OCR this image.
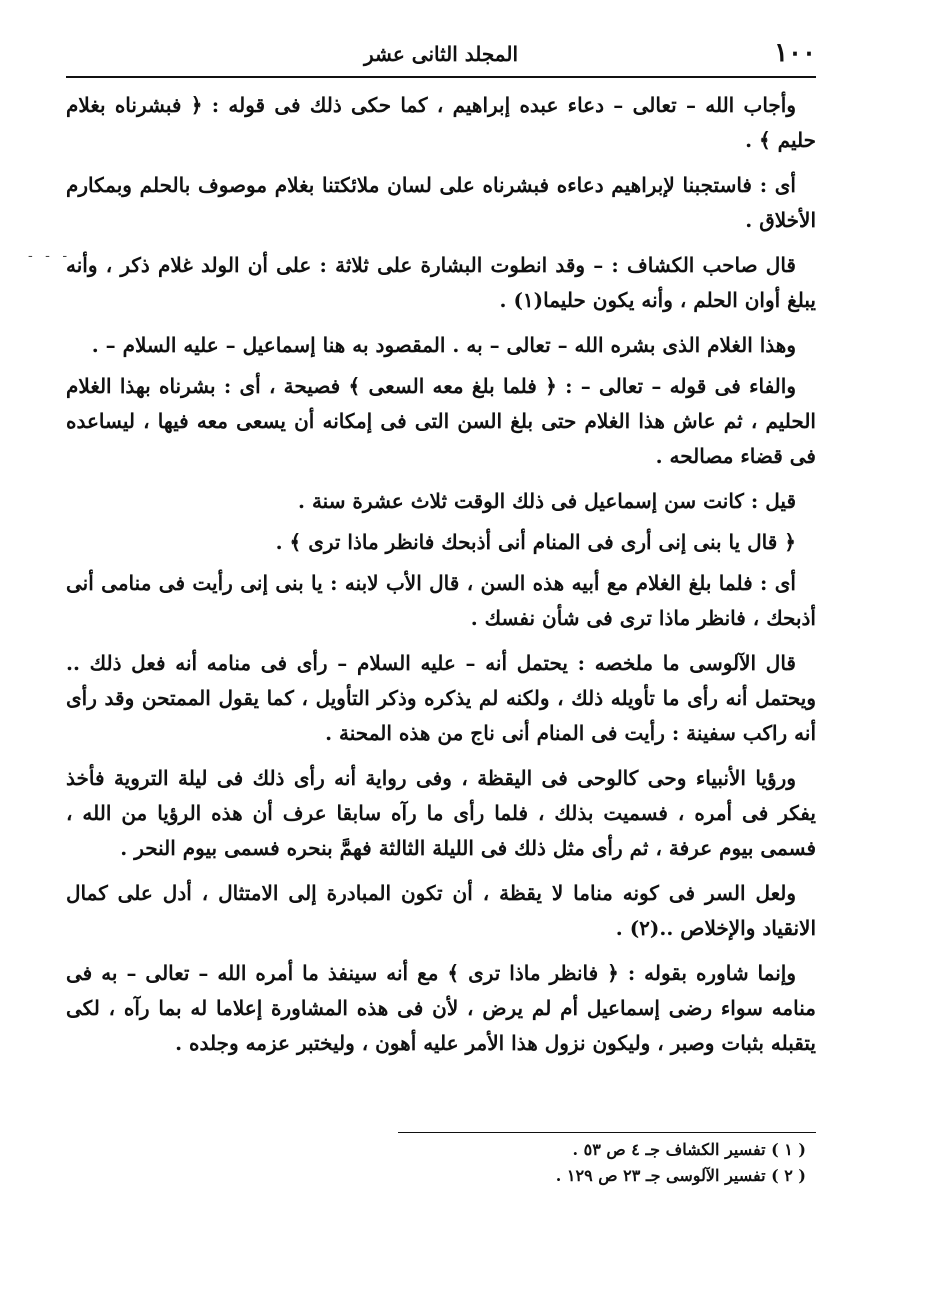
١٠٠
المجلد الثانى عشر
- - -

وأجاب الله – تعالى – دعاء عبده إبراهيم ، كما حكى ذلك فى قوله : ﴿ فبشرناه بغلام حليم ﴾ .

أى : فاستجبنا لإبراهيم دعاءه فبشرناه على لسان ملائكتنا بغلام موصوف بالحلم وبمكارم الأخلاق .

قال صاحب الكشاف : – وقد انطوت البشارة على ثلاثة : على أن الولد غلام ذكر ، وأنه يبلغ أوان الحلم ، وأنه يكون حليما(١) .

وهذا الغلام الذى بشره الله – تعالى – به . المقصود به هنا إسماعيل – عليه السلام – .

والفاء فى قوله – تعالى – : ﴿ فلما بلغ معه السعى ﴾ فصيحة ، أى : بشرناه بهذا الغلام الحليم ، ثم عاش هذا الغلام حتى بلغ السن التى فى إمكانه أن يسعى معه فيها ، ليساعده فى قضاء مصالحه .

قيل : كانت سن إسماعيل فى ذلك الوقت ثلاث عشرة سنة .

﴿ قال يا بنى إنى أرى فى المنام أنى أذبحك فانظر ماذا ترى ﴾ .

أى : فلما بلغ الغلام مع أبيه هذه السن ، قال الأب لابنه : يا بنى إنى رأيت فى منامى أنى أذبحك ، فانظر ماذا ترى فى شأن نفسك .

قال الآلوسى ما ملخصه : يحتمل أنه – عليه السلام – رأى فى منامه أنه فعل ذلك .. ويحتمل أنه رأى ما تأويله ذلك ، ولكنه لم يذكره وذكر التأويل ، كما يقول الممتحن وقد رأى أنه راكب سفينة : رأيت فى المنام أنى ناج من هذه المحنة .

ورؤيا الأنبياء وحى كالوحى فى اليقظة ، وفى رواية أنه رأى ذلك فى ليلة التروية فأخذ يفكر فى أمره ، فسميت بذلك ، فلما رأى ما رآه سابقا عرف أن هذه الرؤيا من الله ، فسمى بيوم عرفة ، ثم رأى مثل ذلك فى الليلة الثالثة فهمَّ بنحره فسمى بيوم النحر .

ولعل السر فى كونه مناما لا يقظة ، أن تكون المبادرة إلى الامتثال ، أدل على كمال الانقياد والإخلاص ..(٢) .

وإنما شاوره بقوله : ﴿ فانظر ماذا ترى ﴾ مع أنه سينفذ ما أمره الله – تعالى – به فى منامه سواء رضى إسماعيل أم لم يرض ، لأن فى هذه المشاورة إعلاما له بما رآه ، لكى يتقبله بثبات وصبر ، وليكون نزول هذا الأمر عليه أهون ، وليختبر عزمه وجلده .

( ١ ) تفسير الكشاف جـ ٤ ص ٥٣ .

( ٢ ) تفسير الآلوسى جـ ٢٣ ص ١٢٩ .
